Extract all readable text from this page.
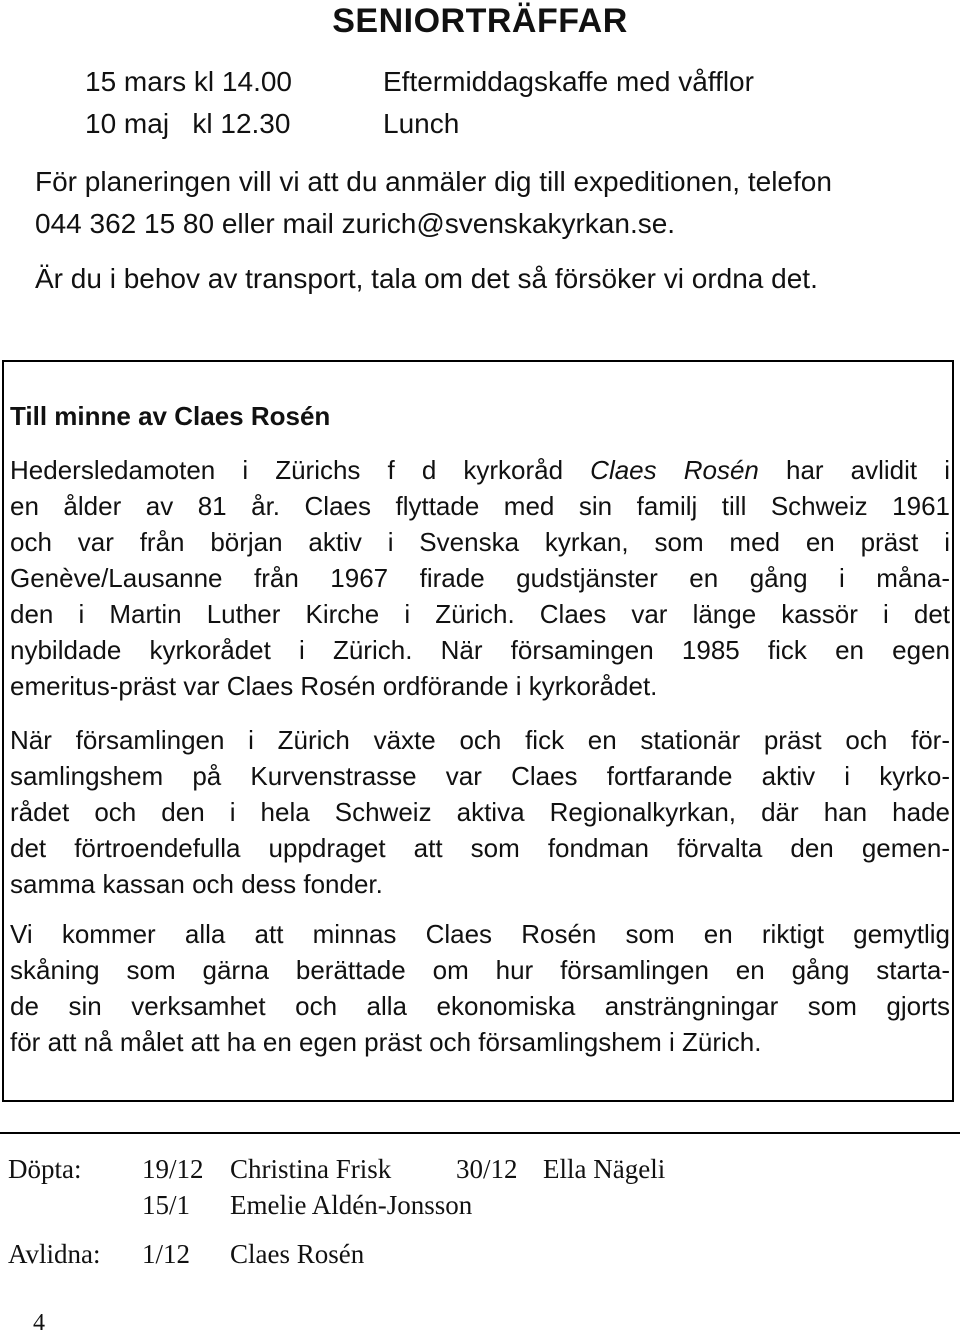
SENIORTRÄFFAR
15 mars kl 14.00	Eftermiddagskaffe med våfflor
10 maj   kl 12.30	Lunch
För planeringen vill vi att du anmäler dig till expeditionen, telefon
044 362 15 80 eller mail zurich@svenskakyrkan.se.
Är du i behov av transport, tala om det så försöker vi ordna det.
Till minne av Claes Rosén
Hedersledamoten i Zürichs f d kyrkoråd Claes Rosén har avlidit i
en ålder av 81 år. Claes flyttade med sin familj till Schweiz 1961
och var från början aktiv i Svenska kyrkan, som med en präst i
Genève/Lausanne från 1967 firade gudstjänster en gång i måna-
den i Martin Luther Kirche i Zürich. Claes var länge kassör i det
nybildade kyrkorådet i Zürich. När församingen 1985 fick en egen
emeritus-präst var Claes Rosén ordförande i kyrkorådet.
När församlingen i Zürich växte och fick en stationär präst och för-
samlingshem på Kurvenstrasse var Claes fortfarande aktiv i kyrko-
rådet och den i hela Schweiz aktiva Regionalkyrkan, där han hade
det förtroendefulla uppdraget att som fondman förvalta den gemen-
samma kassan och dess fonder.
Vi kommer alla att minnas Claes Rosén som en riktigt gemytlig
skåning som gärna berättade om hur församlingen en gång starta-
de sin verksamhet och alla ekonomiska ansträngningar som gjorts
för att nå målet att ha en egen präst och församlingshem i Zürich.
Döpta: 19/12 Christina Frisk 30/12 Ella Nägeli
15/1 Emelie Aldén-Jonsson
Avlidna: 1/12 Claes Rosén
4
